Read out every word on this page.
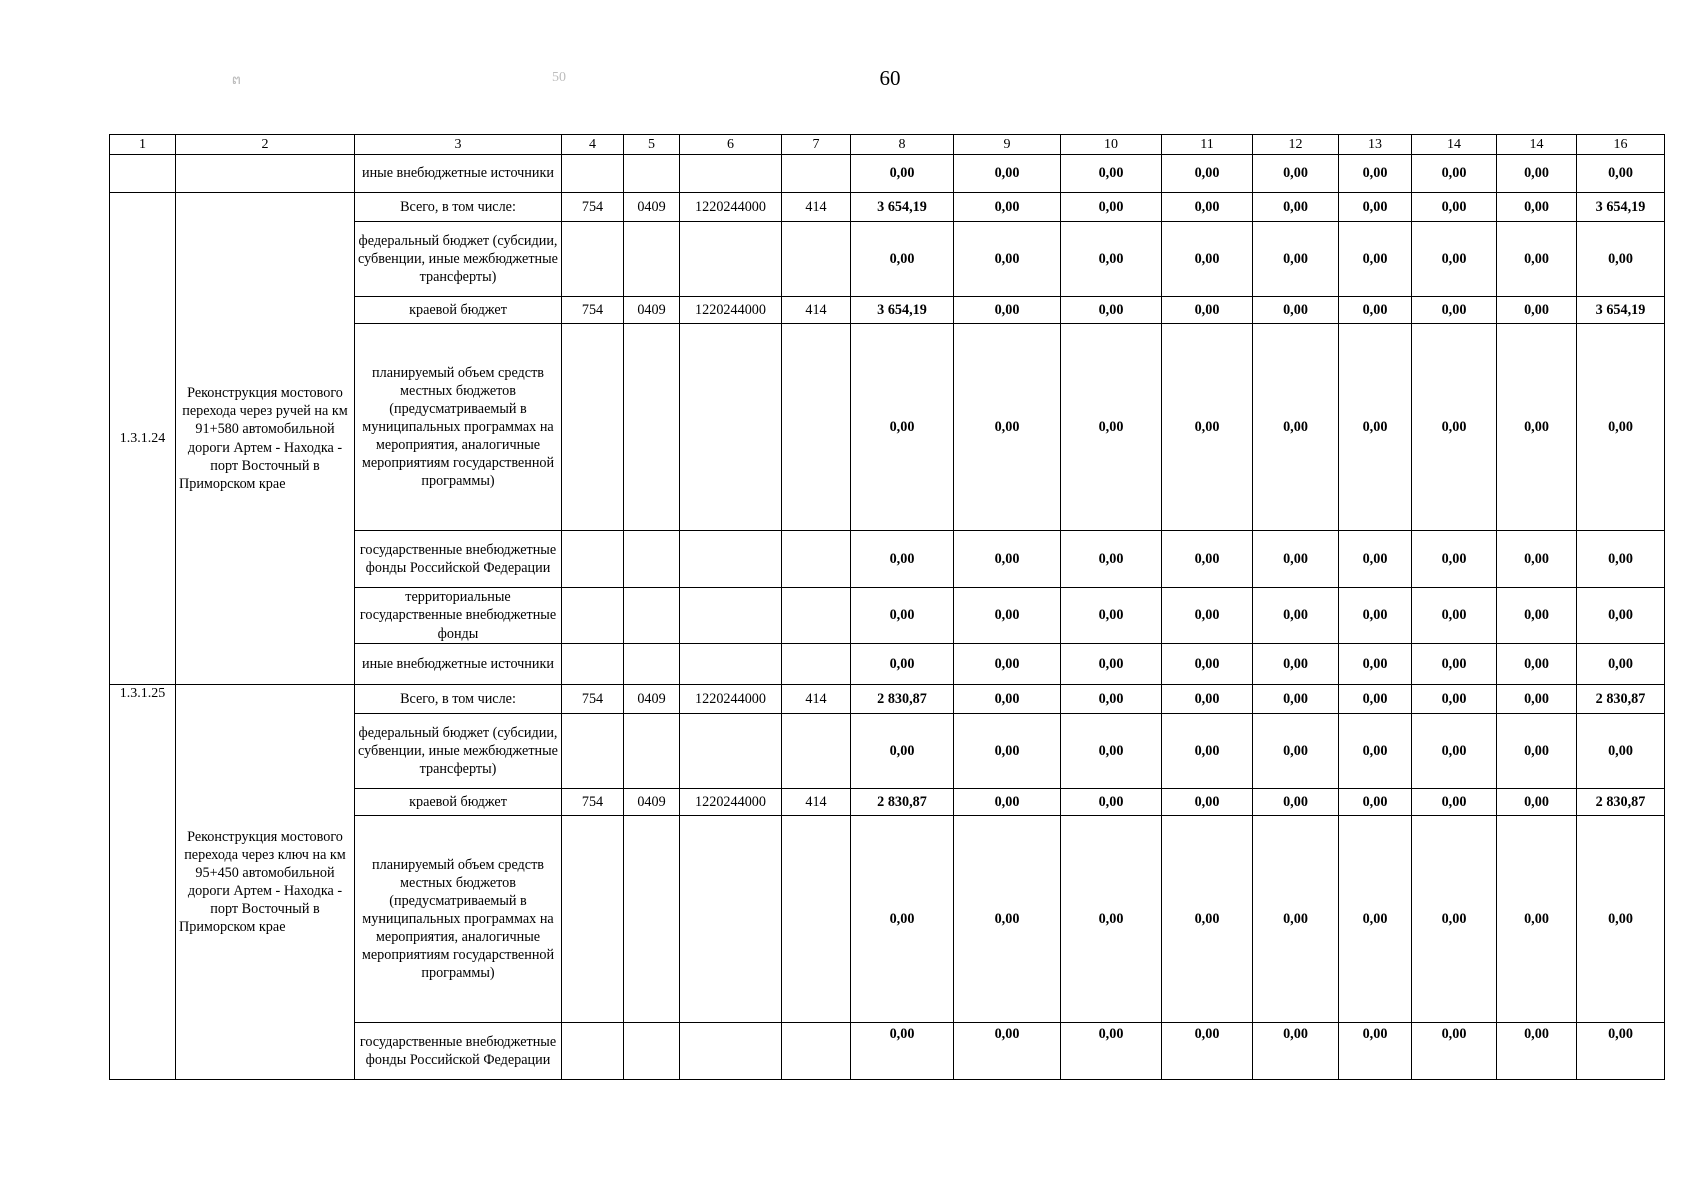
ຕ	50	60
1	2	3	4	5	6	7	8	9	10	11	12	13	14	14	16
		иные внебюджетные источники					0,00	0,00	0,00	0,00	0,00	0,00	0,00	0,00	0,00
1.3.1.24	Реконструкция мостового перехода через ручей на км 91+580 автомобильной дороги Артем - Находка - порт Восточный в Приморском крае	Всего, в том числе:	754	0409	1220244000	414	3 654,19	0,00	0,00	0,00	0,00	0,00	0,00	0,00	3 654,19
		федеральный бюджет (субсидии, субвенции, иные межбюджетные трансферты)					0,00	0,00	0,00	0,00	0,00	0,00	0,00	0,00	0,00
		краевой бюджет	754	0409	1220244000	414	3 654,19	0,00	0,00	0,00	0,00	0,00	0,00	0,00	3 654,19
		планируемый объем средств местных бюджетов (предусматриваемый в муниципальных программах на мероприятия, аналогичные мероприятиям государственной программы)					0,00	0,00	0,00	0,00	0,00	0,00	0,00	0,00	0,00
		государственные внебюджетные фонды Российской Федерации					0,00	0,00	0,00	0,00	0,00	0,00	0,00	0,00	0,00
		территориальные государственные внебюджетные фонды					0,00	0,00	0,00	0,00	0,00	0,00	0,00	0,00	0,00
		иные внебюджетные источники					0,00	0,00	0,00	0,00	0,00	0,00	0,00	0,00	0,00
1.3.1.25	Реконструкция мостового перехода через ключ на км 95+450 автомобильной дороги Артем - Находка - порт Восточный в Приморском крае	Всего, в том числе:	754	0409	1220244000	414	2 830,87	0,00	0,00	0,00	0,00	0,00	0,00	0,00	2 830,87
		федеральный бюджет (субсидии, субвенции, иные межбюджетные трансферты)					0,00	0,00	0,00	0,00	0,00	0,00	0,00	0,00	0,00
		краевой бюджет	754	0409	1220244000	414	2 830,87	0,00	0,00	0,00	0,00	0,00	0,00	0,00	2 830,87
		планируемый объем средств местных бюджетов (предусматриваемый в муниципальных программах на мероприятия, аналогичные мероприятиям государственной программы)					0,00	0,00	0,00	0,00	0,00	0,00	0,00	0,00	0,00
		государственные внебюджетные фонды Российской Федерации					0,00	0,00	0,00	0,00	0,00	0,00	0,00	0,00	0,00
